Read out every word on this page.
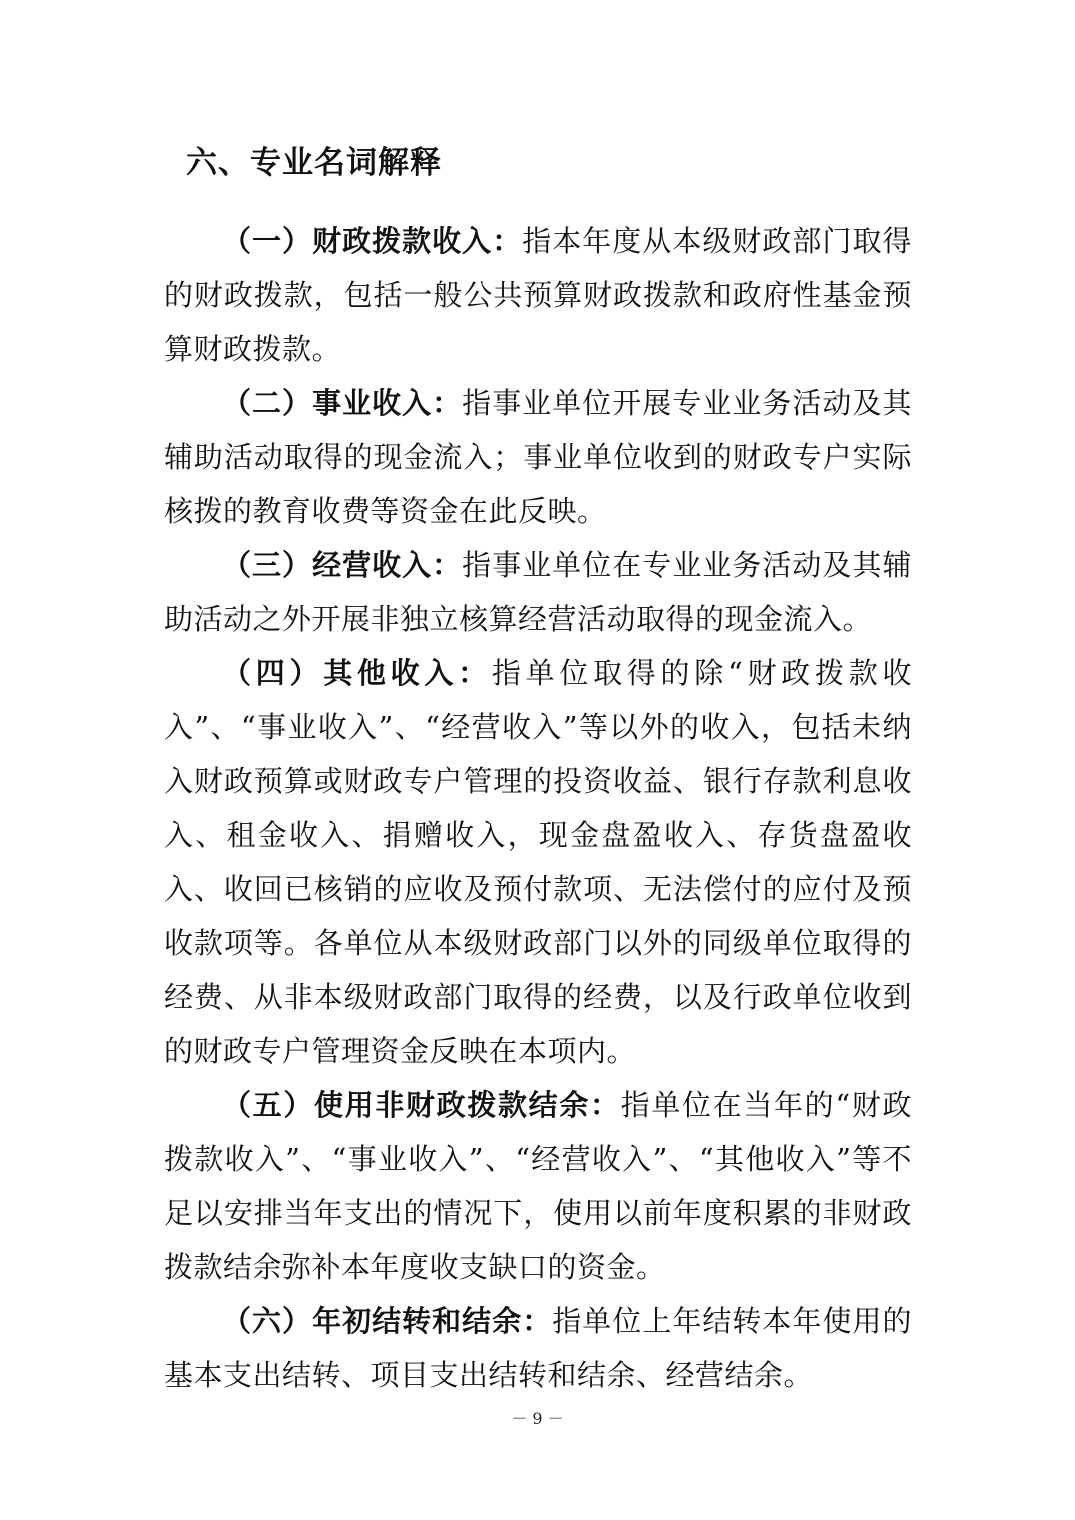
六、专业名词解释

（一）财政拨款收入：指本年度从本级财政部门取得的财政拨款，包括一般公共预算财政拨款和政府性基金预算财政拨款。

（二）事业收入：指事业单位开展专业业务活动及其辅助活动取得的现金流入；事业单位收到的财政专户实际核拨的教育收费等资金在此反映。

（三）经营收入：指事业单位在专业业务活动及其辅助活动之外开展非独立核算经营活动取得的现金流入。

（四）其他收入：指单位取得的除“财政拨款收入”、“事业收入”、“经营收入”等以外的收入，包括未纳入财政预算或财政专户管理的投资收益、银行存款利息收入、租金收入、捐赠收入，现金盘盈收入、存货盘盈收入、收回已核销的应收及预付款项、无法偿付的应付及预收款项等。各单位从本级财政部门以外的同级单位取得的经费、从非本级财政部门取得的经费，以及行政单位收到的财政专户管理资金反映在本项内。

（五）使用非财政拨款结余：指单位在当年的“财政拨款收入”、“事业收入”、“经营收入”、“其他收入”等不足以安排当年支出的情况下，使用以前年度积累的非财政拨款结余弥补本年度收支缺口的资金。

（六）年初结转和结余：指单位上年结转本年使用的基本支出结转、项目支出结转和结余、经营结余。

－ 9 －
